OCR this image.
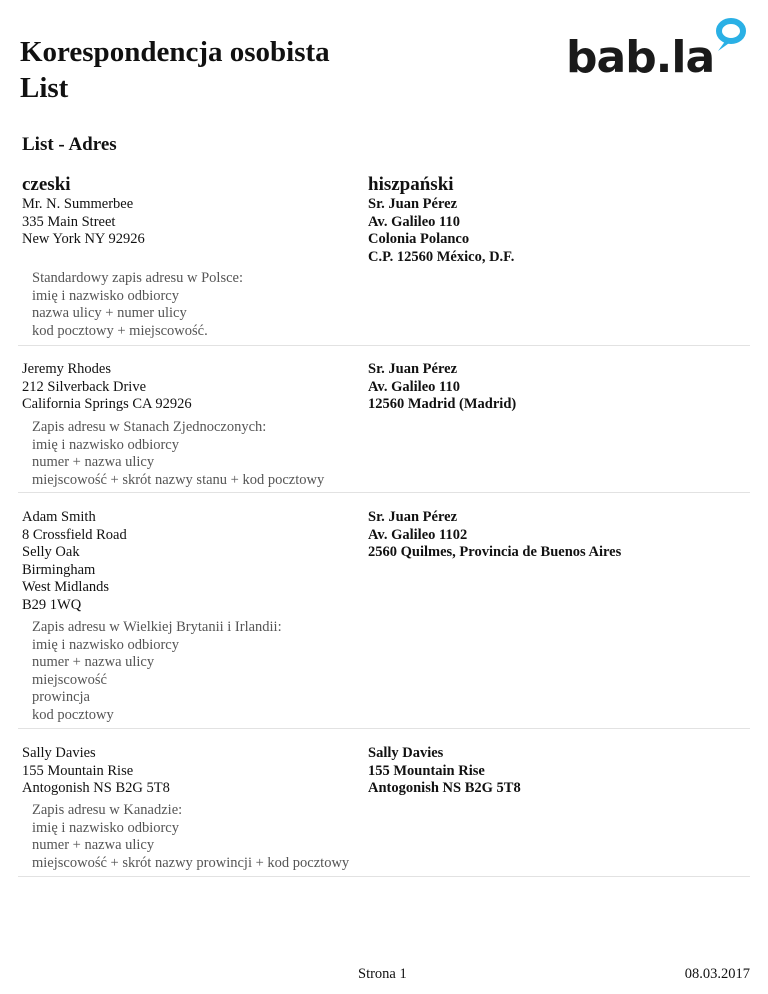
Korespondencja osobista
List
bab.la
List - Adres
czeski	hiszpański
Mr. N. Summerbee
335 Main Street
New York NY 92926
Sr. Juan Pérez
Av. Galileo 110
Colonia Polanco
C.P. 12560 México, D.F.
Standardowy zapis adresu w Polsce:
imię i nazwisko odbiorcy
nazwa ulicy + numer ulicy
kod pocztowy + miejscowość.
Jeremy Rhodes
212 Silverback Drive
California Springs CA 92926
Sr. Juan Pérez
Av. Galileo 110
12560 Madrid (Madrid)
Zapis adresu w Stanach Zjednoczonych:
imię i nazwisko odbiorcy
numer + nazwa ulicy
miejscowość + skrót nazwy stanu + kod pocztowy
Adam Smith
8 Crossfield Road
Selly Oak
Birmingham
West Midlands
B29 1WQ
Sr. Juan Pérez
Av. Galileo 1102
2560 Quilmes, Provincia de Buenos Aires
Zapis adresu w Wielkiej Brytanii i Irlandii:
imię i nazwisko odbiorcy
numer + nazwa ulicy
miejscowość
prowincja
kod pocztowy
Sally Davies
155 Mountain Rise
Antogonish NS B2G 5T8
Sally Davies
155 Mountain Rise
Antogonish NS B2G 5T8
Zapis adresu w Kanadzie:
imię i nazwisko odbiorcy
numer + nazwa ulicy
miejscowość + skrót nazwy prowincji + kod pocztowy
Strona 1	08.03.2017
